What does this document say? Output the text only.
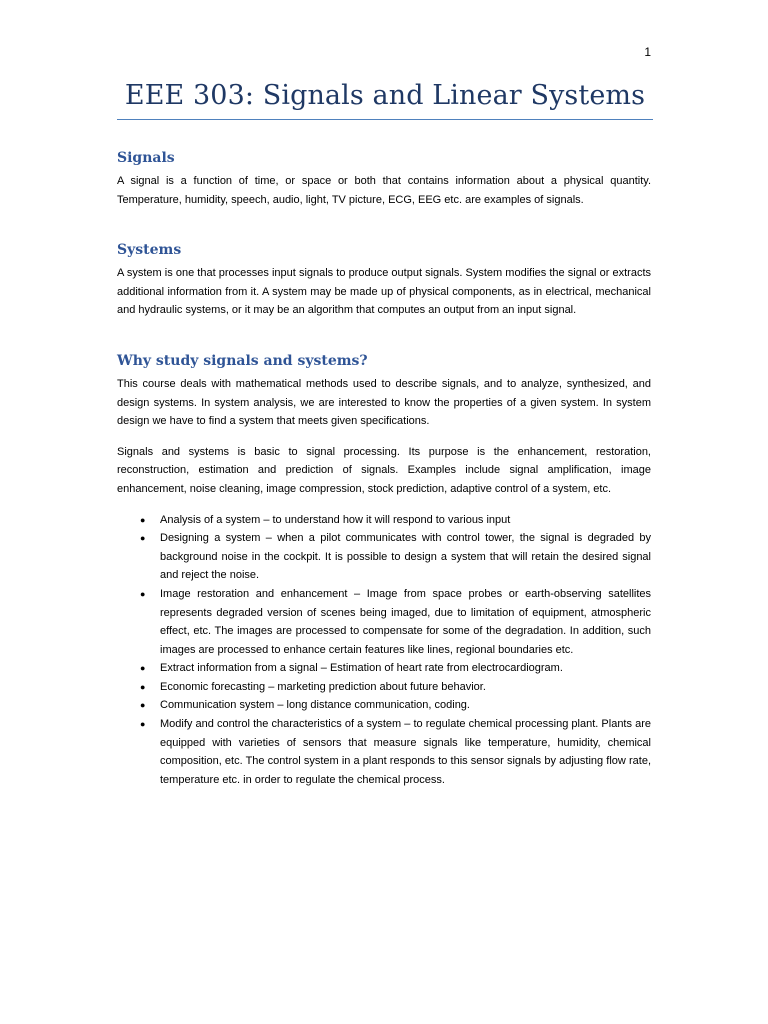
1
EEE 303: Signals and Linear Systems
Signals

A signal is a function of time, or space or both that contains information about a physical quantity. Temperature, humidity, speech, audio, light, TV picture, ECG, EEG etc. are examples of signals.

Systems

A system is one that processes input signals to produce output signals. System modifies the signal or extracts additional information from it. A system may be made up of physical components, as in electrical, mechanical and hydraulic systems, or it may be an algorithm that computes an output from an input signal.

Why study signals and systems?

This course deals with mathematical methods used to describe signals, and to analyze, synthesized, and design systems. In system analysis, we are interested to know the properties of a given system. In system design we have to find a system that meets given specifications.

Signals and systems is basic to signal processing. Its purpose is the enhancement, restoration, reconstruction, estimation and prediction of signals. Examples include signal amplification, image enhancement, noise cleaning, image compression, stock prediction, adaptive control of a system, etc.

● Analysis of a system – to understand how it will respond to various input
● Designing a system – when a pilot communicates with control tower, the signal is degraded by background noise in the cockpit. It is possible to design a system that will retain the desired signal and reject the noise.
● Image restoration and enhancement – Image from space probes or earth-observing satellites represents degraded version of scenes being imaged, due to limitation of equipment, atmospheric effect, etc. The images are processed to compensate for some of the degradation. In addition, such images are processed to enhance certain features like lines, regional boundaries etc.
● Extract information from a signal – Estimation of heart rate from electrocardiogram.
● Economic forecasting – marketing prediction about future behavior.
● Communication system – long distance communication, coding.
● Modify and control the characteristics of a system – to regulate chemical processing plant. Plants are equipped with varieties of sensors that measure signals like temperature, humidity, chemical composition, etc. The control system in a plant responds to this sensor signals by adjusting flow rate, temperature etc. in order to regulate the chemical process.
